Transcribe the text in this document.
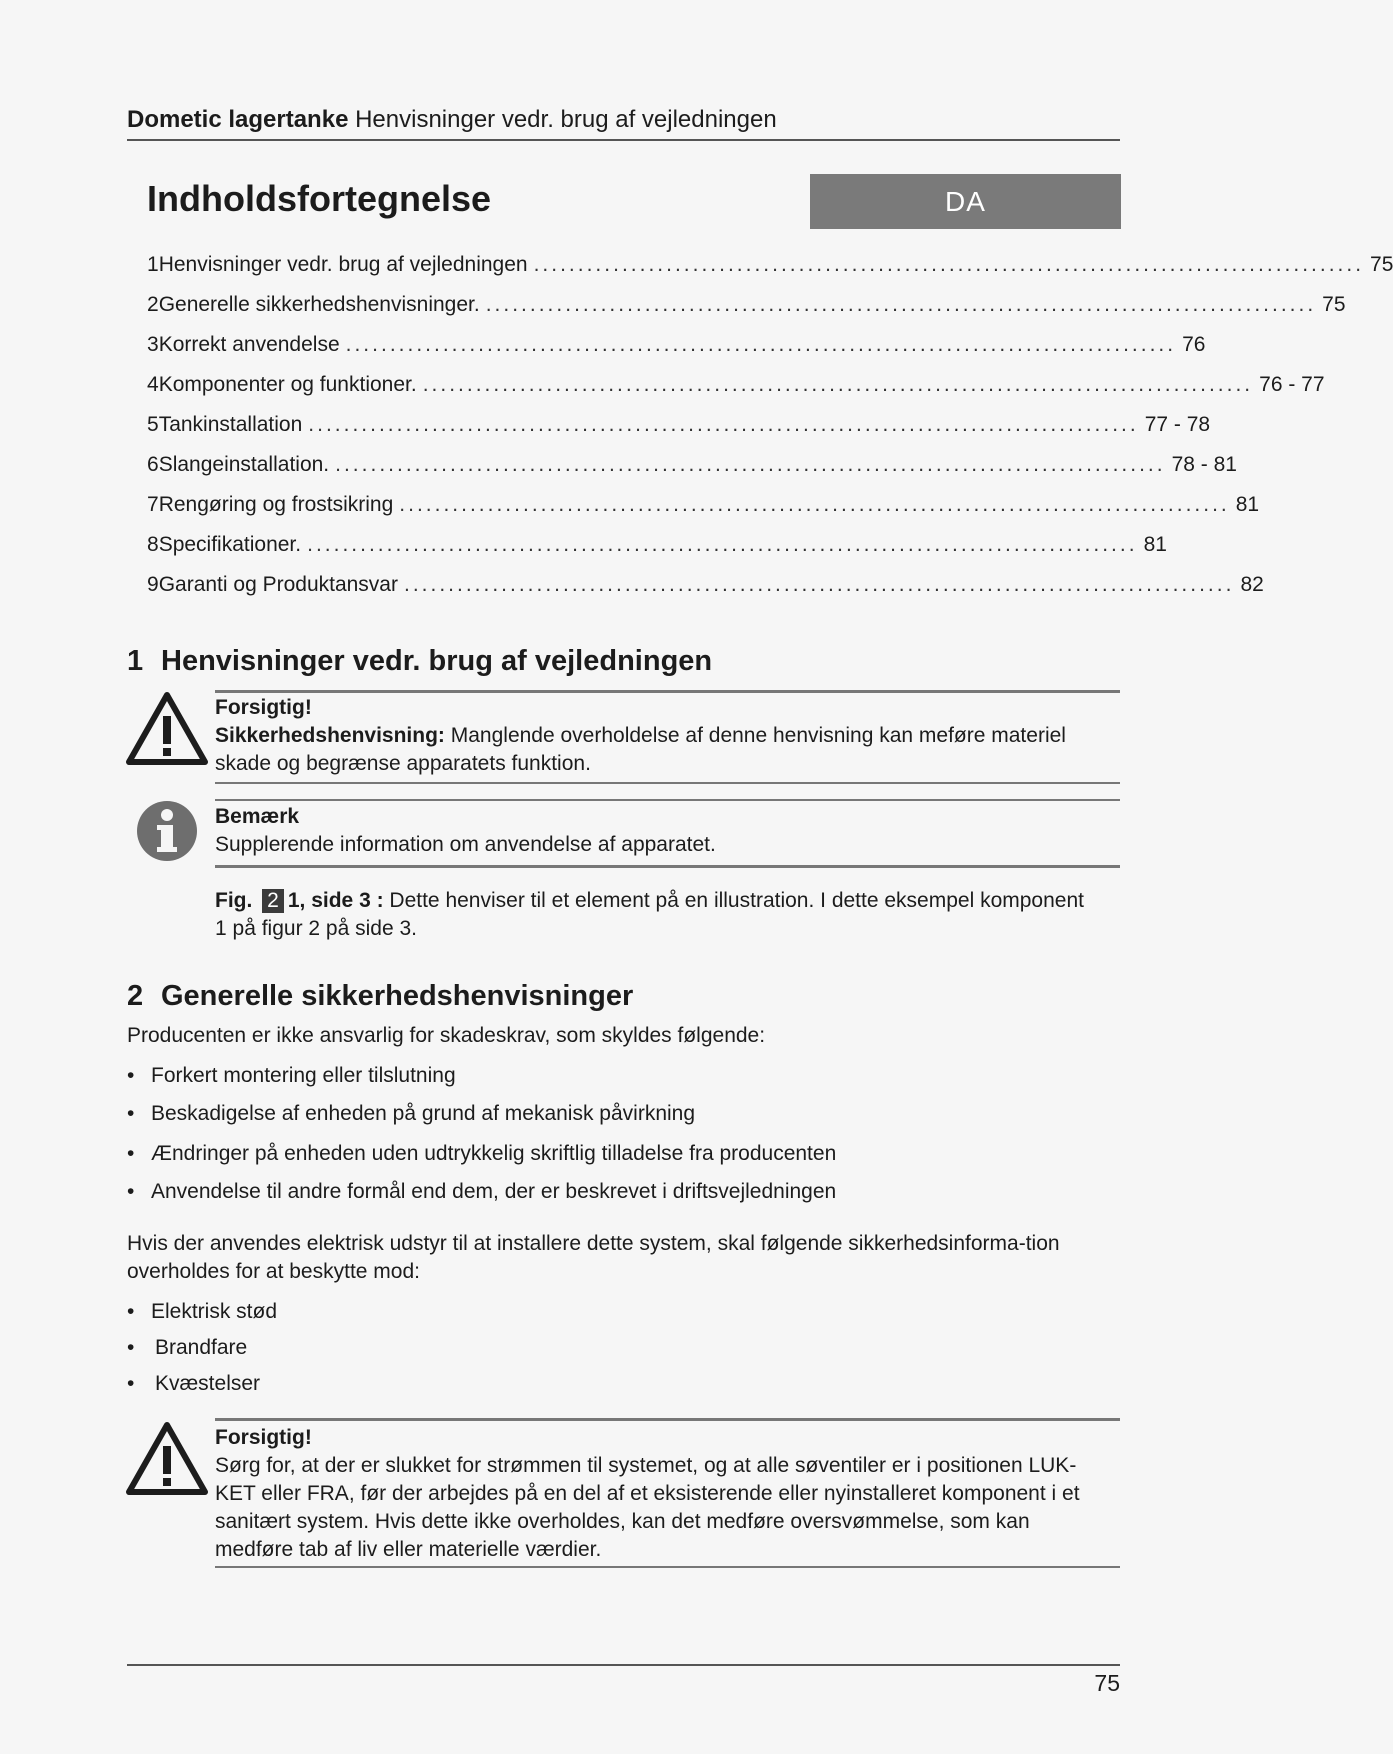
Dometic lagertanke Henvisninger vedr. brug af vejledningen
Indholdsfortegnelse	DA
1 Henvisninger vedr. brug af vejledningen .............................................................................................. 75
2 Generelle sikkerhedshenvisninger. .............................................................................................. 75
3 Korrekt anvendelse .............................................................................................. 76
4 Komponenter og funktioner. .............................................................................................. 76 - 77
5 Tankinstallation .............................................................................................. 77 - 78
6 Slangeinstallation. .............................................................................................. 78 - 81
7 Rengøring og frostsikring .............................................................................................. 81
8 Specifikationer. .............................................................................................. 81
9 Garanti og Produktansvar .............................................................................................. 82
1 Henvisninger vedr. brug af vejledningen
Forsigtig!
Sikkerhedshenvisning: Manglende overholdelse af denne henvisning kan meføre materiel skade og begrænse apparatets funktion.
Bemærk
Supplerende information om anvendelse af apparatet.
Fig. 2 1, side 3 : Dette henviser til et element på en illustration. I dette eksempel komponent 1 på figur 2 på side 3.
2 Generelle sikkerhedshenvisninger
Producenten er ikke ansvarlig for skadeskrav, som skyldes følgende:
• Forkert montering eller tilslutning
• Beskadigelse af enheden på grund af mekanisk påvirkning
• Ændringer på enheden uden udtrykkelig skriftlig tilladelse fra producenten
• Anvendelse til andre formål end dem, der er beskrevet i driftsvejledningen
Hvis der anvendes elektrisk udstyr til at installere dette system, skal følgende sikkerhedsinforma-tion overholdes for at beskytte mod:
• Elektrisk stød
• Brandfare
• Kvæstelser
Forsigtig!
Sørg for, at der er slukket for strømmen til systemet, og at alle søventiler er i positionen LUK-KET eller FRA, før der arbejdes på en del af et eksisterende eller nyinstalleret komponent i et sanitært system. Hvis dette ikke overholdes, kan det medføre oversvømmelse, som kan medføre tab af liv eller materielle værdier.
75
